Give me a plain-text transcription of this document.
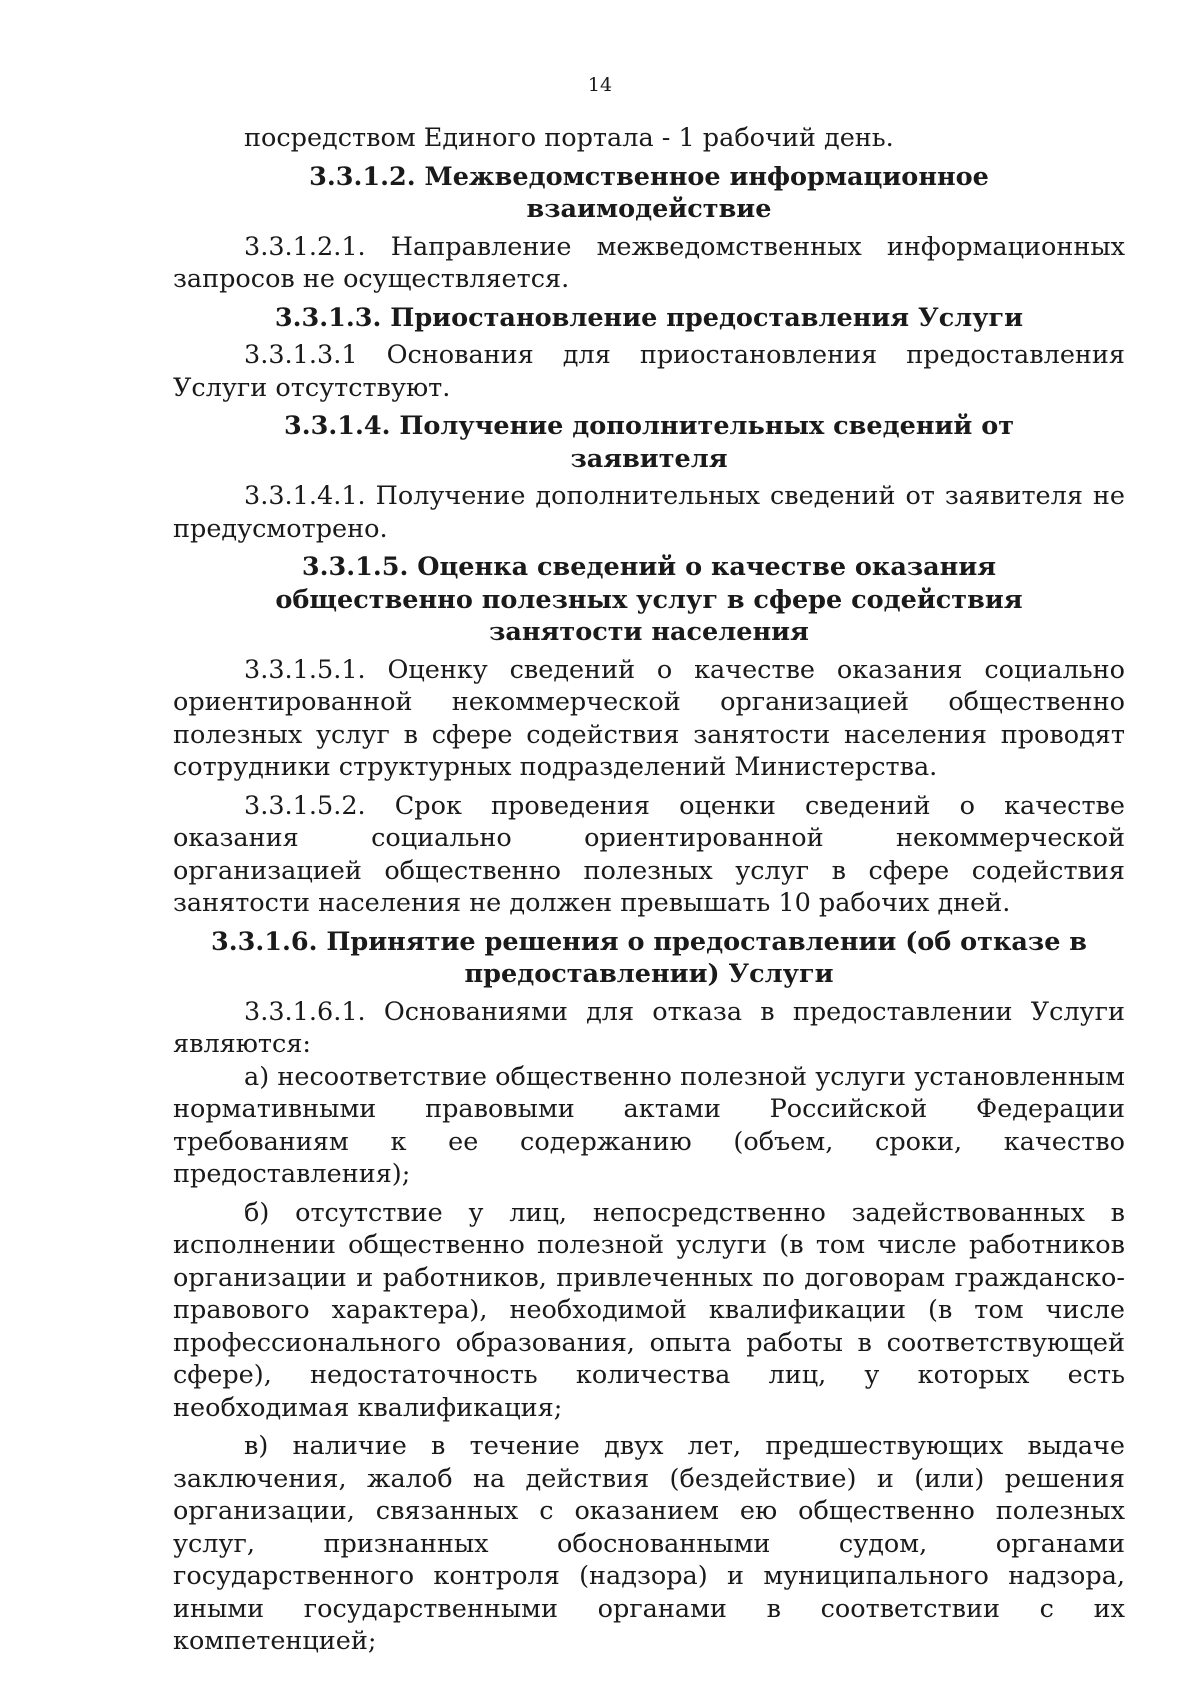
14

посредством Единого портала - 1 рабочий день.

3.3.1.2. Межведомственное информационное взаимодействие

3.3.1.2.1. Направление межведомственных информационных запросов не осуществляется.

3.3.1.3. Приостановление предоставления Услуги

3.3.1.3.1 Основания для приостановления предоставления Услуги отсутствуют.

3.3.1.4. Получение дополнительных сведений от заявителя

3.3.1.4.1. Получение дополнительных сведений от заявителя не предусмотрено.

3.3.1.5. Оценка сведений о качестве оказания общественно полезных услуг в сфере содействия занятости населения

3.3.1.5.1. Оценку сведений о качестве оказания социально ориентированной некоммерческой организацией общественно полезных услуг в сфере содействия занятости населения проводят сотрудники структурных подразделений Министерства.

3.3.1.5.2. Срок проведения оценки сведений о качестве оказания социально ориентированной некоммерческой организацией общественно полезных услуг в сфере содействия занятости населения не должен превышать 10 рабочих дней.

3.3.1.6. Принятие решения о предоставлении (об отказе в предоставлении) Услуги

3.3.1.6.1. Основаниями для отказа в предоставлении Услуги являются:

а) несоответствие общественно полезной услуги установленным нормативными правовыми актами Российской Федерации требованиям к ее содержанию (объем, сроки, качество предоставления);

б) отсутствие у лиц, непосредственно задействованных в исполнении общественно полезной услуги (в том числе работников организации и работников, привлеченных по договорам гражданско-правового характера), необходимой квалификации (в том числе профессионального образования, опыта работы в соответствующей сфере), недостаточность количества лиц, у которых есть необходимая квалификация;

в) наличие в течение двух лет, предшествующих выдаче заключения, жалоб на действия (бездействие) и (или) решения организации, связанных с оказанием ею общественно полезных услуг, признанных обоснованными судом, органами государственного контроля (надзора) и муниципального надзора, иными государственными органами в соответствии с их компетенцией;
